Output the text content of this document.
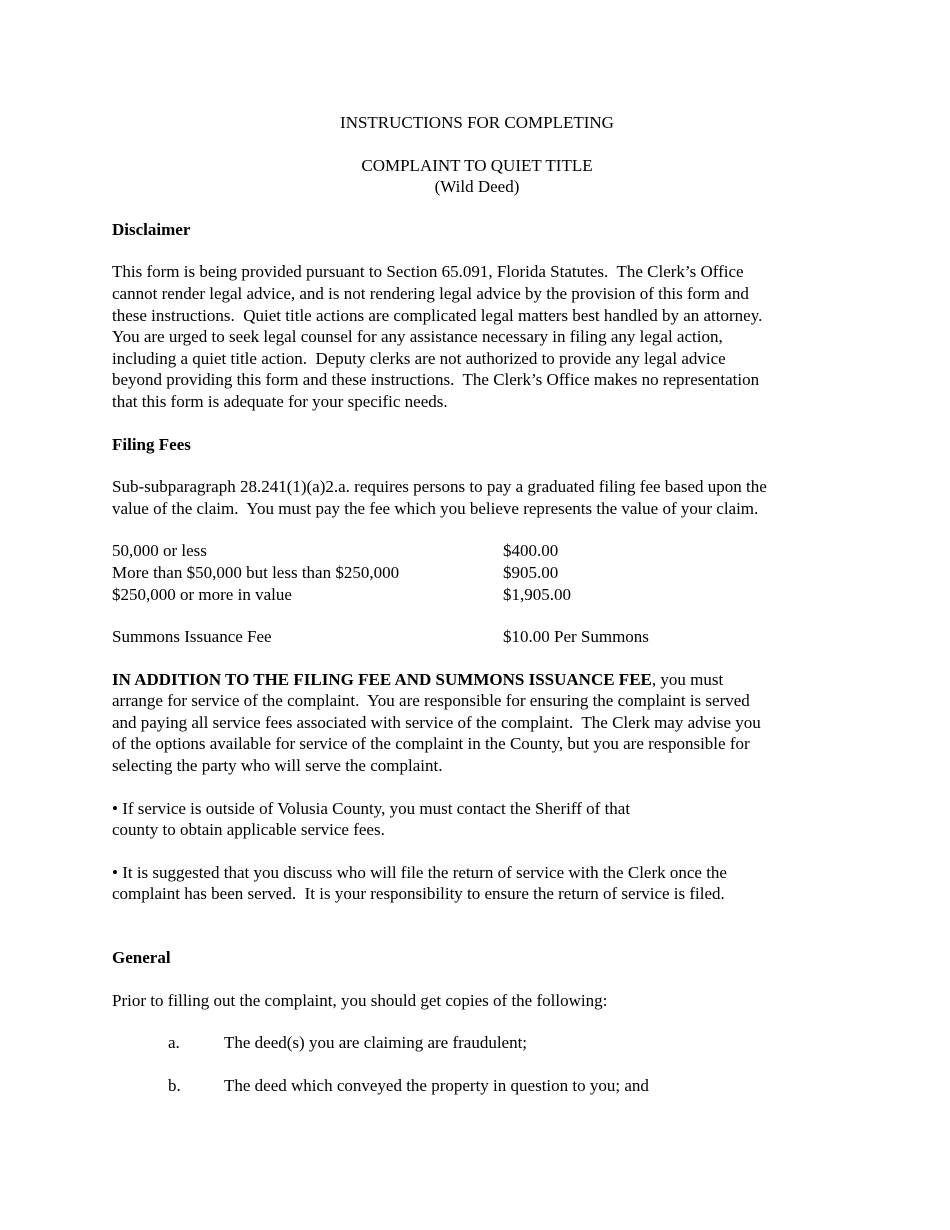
INSTRUCTIONS FOR COMPLETING
COMPLAINT TO QUIET TITLE
(Wild Deed)
Disclaimer
This form is being provided pursuant to Section 65.091, Florida Statutes.  The Clerk’s Office
cannot render legal advice, and is not rendering legal advice by the provision of this form and
these instructions.  Quiet title actions are complicated legal matters best handled by an attorney.
You are urged to seek legal counsel for any assistance necessary in filing any legal action,
including a quiet title action.  Deputy clerks are not authorized to provide any legal advice
beyond providing this form and these instructions.  The Clerk’s Office makes no representation
that this form is adequate for your specific needs.
Filing Fees
Sub-subparagraph 28.241(1)(a)2.a. requires persons to pay a graduated filing fee based upon the
value of the claim.  You must pay the fee which you believe represents the value of your claim.
50,000 or less	$400.00
More than $50,000 but less than $250,000	$905.00
$250,000 or more in value	$1,905.00
Summons Issuance Fee	$10.00 Per Summons
IN ADDITION TO THE FILING FEE AND SUMMONS ISSUANCE FEE, you must
arrange for service of the complaint.  You are responsible for ensuring the complaint is served
and paying all service fees associated with service of the complaint.  The Clerk may advise you
of the options available for service of the complaint in the County, but you are responsible for
selecting the party who will serve the complaint.
• If service is outside of Volusia County, you must contact the Sheriff of that
county to obtain applicable service fees.
• It is suggested that you discuss who will file the return of service with the Clerk once the
complaint has been served.  It is your responsibility to ensure the return of service is filed.
General
Prior to filling out the complaint, you should get copies of the following:
a.	The deed(s) you are claiming are fraudulent;
b.	The deed which conveyed the property in question to you; and
